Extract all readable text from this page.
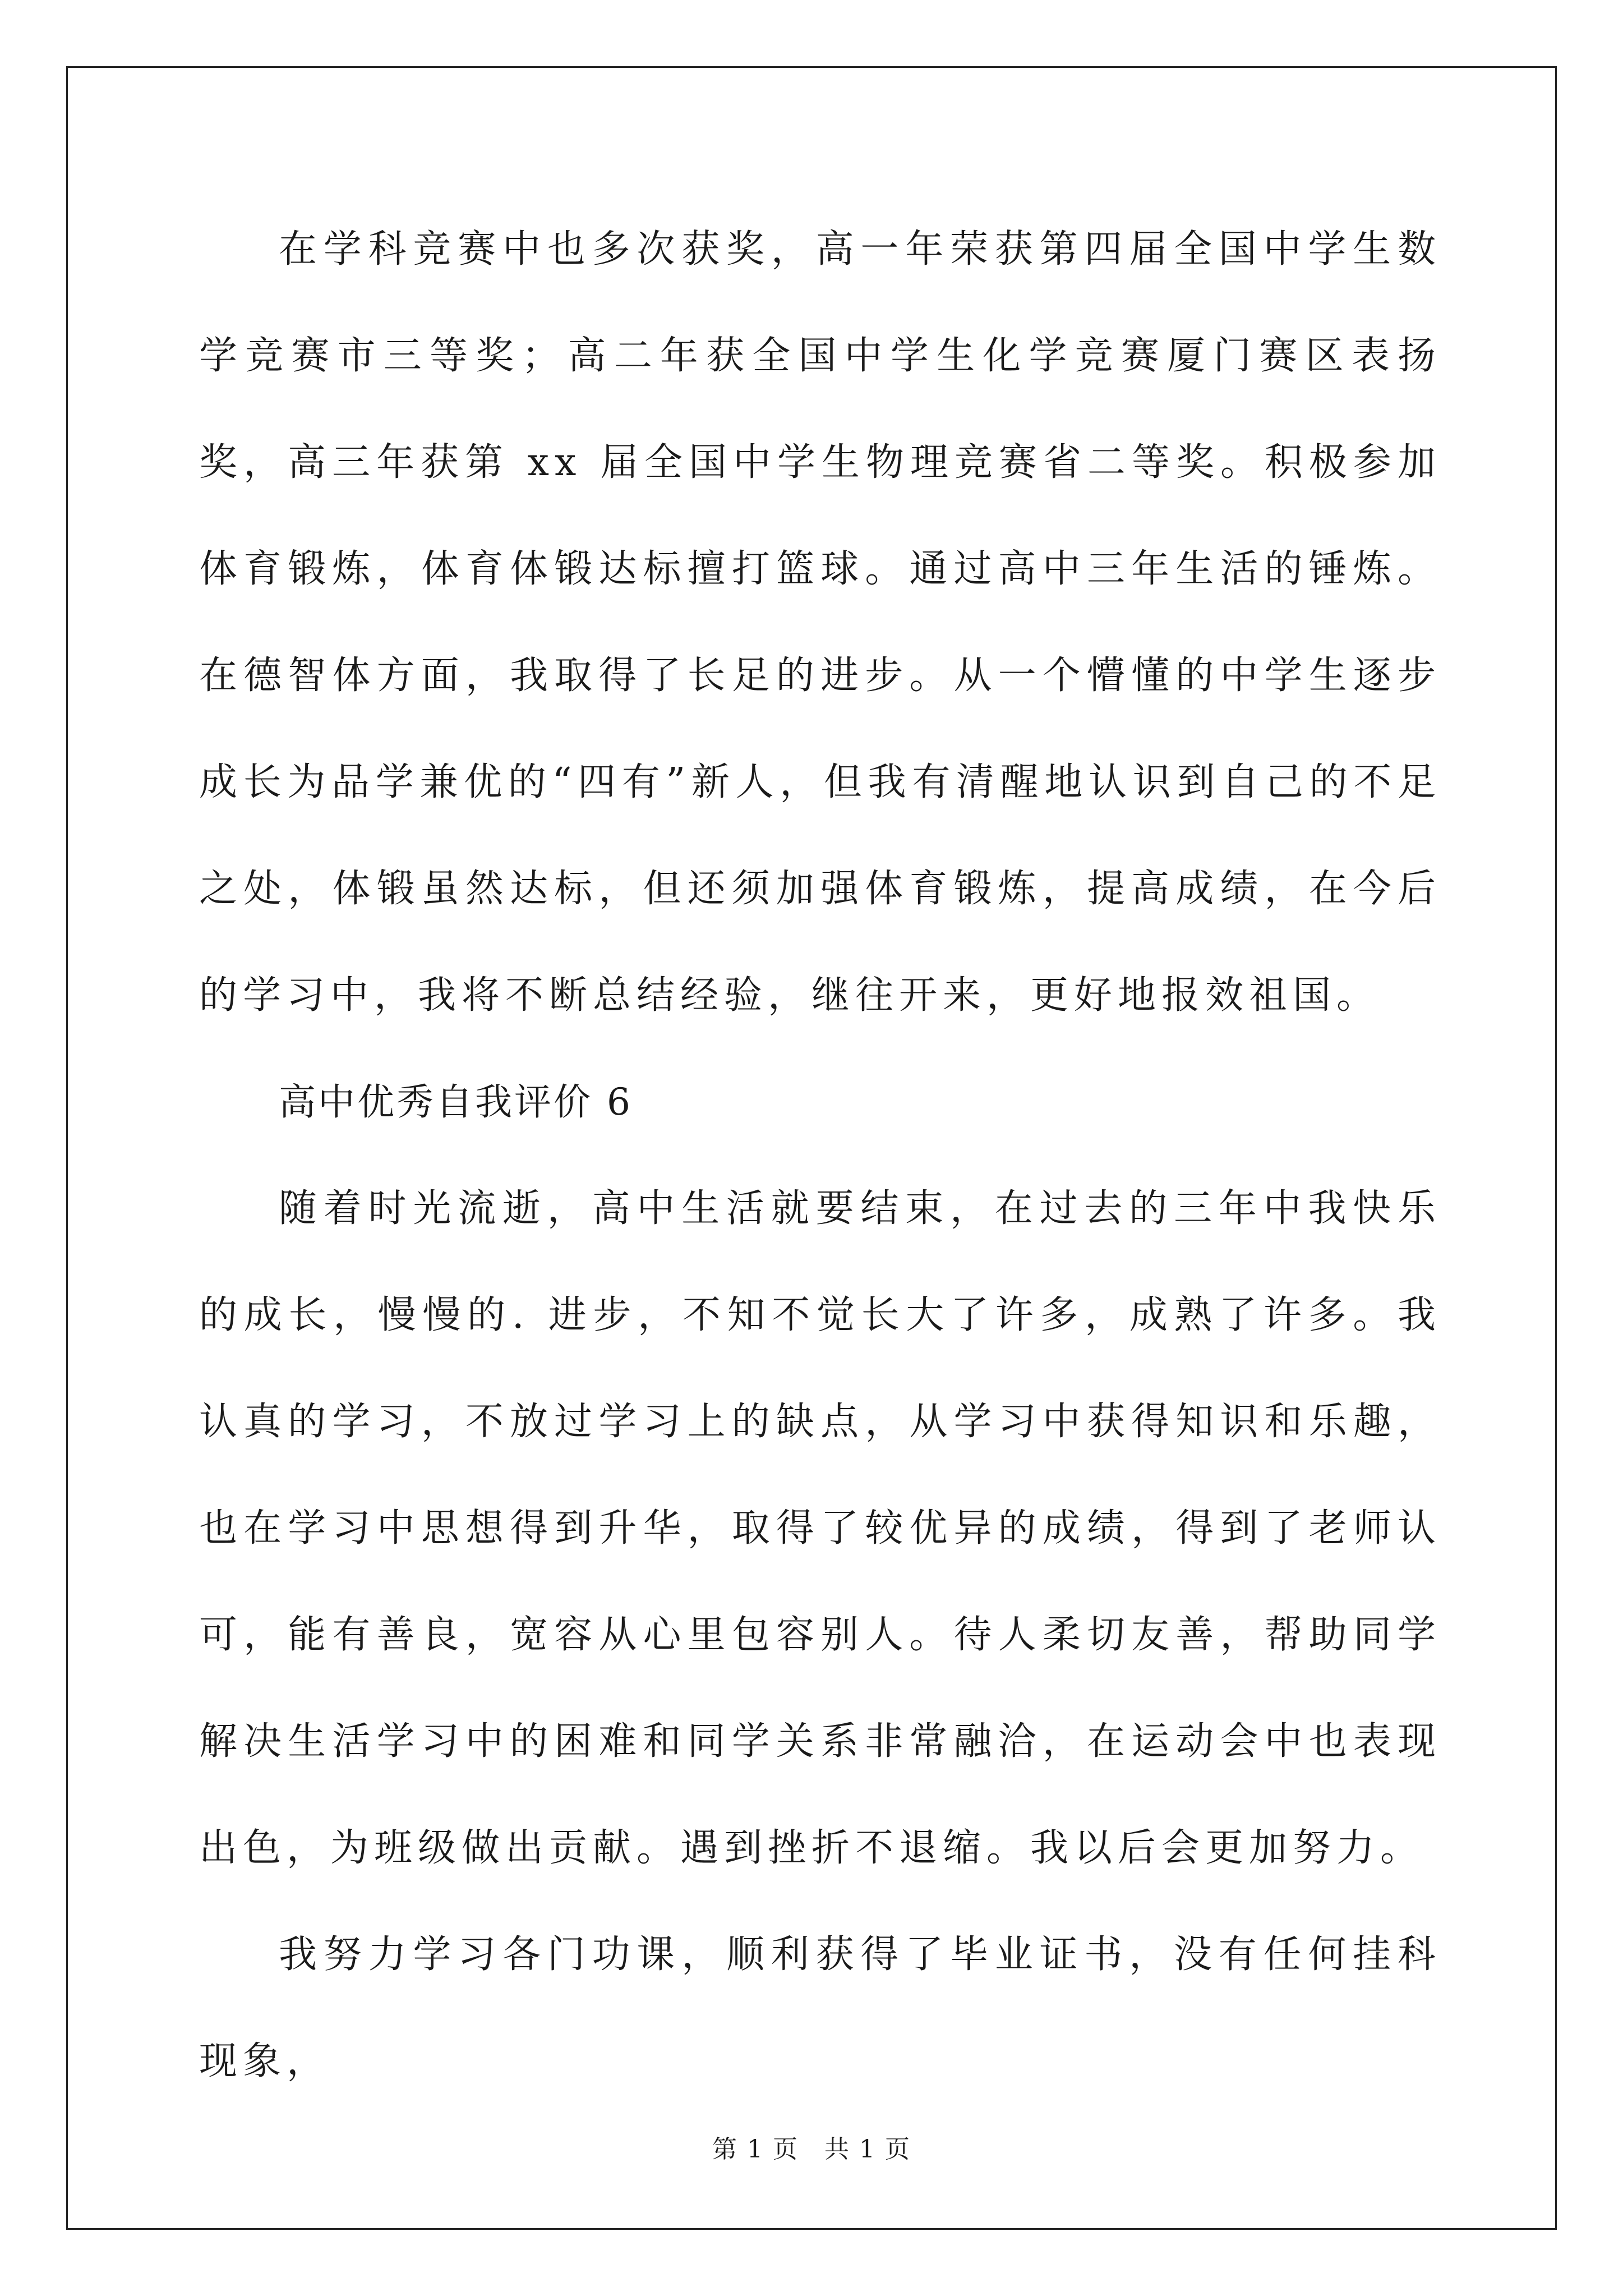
在学科竞赛中也多次获奖，高一年荣获第四届全国中学生数学竞赛市三等奖；高二年获全国中学生化学竞赛厦门赛区表扬奖，高三年获第 xx 届全国中学生物理竞赛省二等奖。积极参加体育锻炼，体育体锻达标擅打篮球。通过高中三年生活的锤炼。在德智体方面，我取得了长足的进步。从一个懵懂的中学生逐步成长为品学兼优的“四有”新人，但我有清醒地认识到自己的不足之处，体锻虽然达标，但还须加强体育锻炼，提高成绩，在今后的学习中，我将不断总结经验，继往开来，更好地报效祖国。

高中优秀自我评价 6

随着时光流逝，高中生活就要结束，在过去的三年中我快乐的成长，慢慢的. 进步，不知不觉长大了许多，成熟了许多。我认真的学习，不放过学习上的缺点，从学习中获得知识和乐趣，也在学习中思想得到升华，取得了较优异的成绩，得到了老师认可，能有善良，宽容从心里包容别人。待人柔切友善，帮助同学解决生活学习中的困难和同学关系非常融洽，在运动会中也表现出色，为班级做出贡献。遇到挫折不退缩。我以后会更加努力。

我努力学习各门功课，顺利获得了毕业证书，没有任何挂科现象，

第 1 页　共 1 页
